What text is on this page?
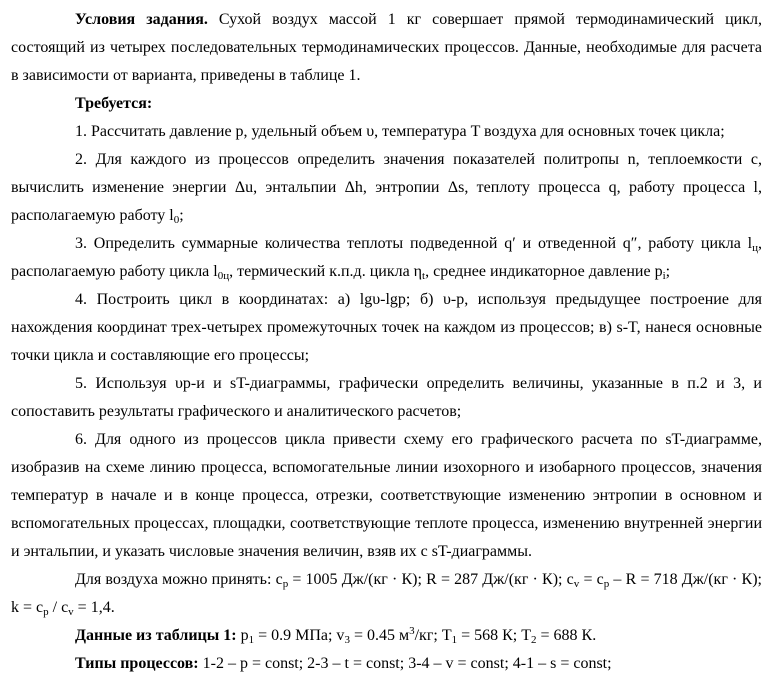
Условия задания. Сухой воздух массой 1 кг совершает прямой термодинамический цикл, состоящий из четырех последовательных термодинамических процессов. Данные, необходимые для расчета в зависимости от варианта, приведены в таблице 1.

Требуется:

1. Рассчитать давление p, удельный объем υ, температура T воздуха для основных точек цикла;

2. Для каждого из процессов определить значения показателей политропы n, теплоемкости c, вычислить изменение энергии Δu, энтальпии Δh, энтропии Δs, теплоту процесса q, работу процесса l, располагаемую работу $l_0$;

3. Определить суммарные количества теплоты подведенной q′ и отведенной q″, работу цикла $l_ц$, располагаемую работу цикла $l_{0ц}$, термический к.п.д. цикла $\eta_t$, среднее индикаторное давление $p_i$;

4. Построить цикл в координатах: а) lgυ-lgp; б) υ-p, используя предыдущее построение для нахождения координат трех-четырех промежуточных точек на каждом из процессов; в) s-T, нанеся основные точки цикла и составляющие его процессы;

5. Используя υp-и и sT-диаграммы, графически определить величины, указанные в п.2 и 3, и сопоставить результаты графического и аналитического расчетов;

6. Для одного из процессов цикла привести схему его графического расчета по sT-диаграмме, изобразив на схеме линию процесса, вспомогательные линии изохорного и изобарного процессов, значения температур в начале и в конце процесса, отрезки, соответствующие изменению энтропии в основном и вспомогательных процессах, площадки, соответствующие теплоте процесса, изменению внутренней энергии и энтальпии, и указать числовые значения величин, взяв их с sT-диаграммы.

Для воздуха можно принять: $c_p = 1005$ Дж/(кг · К); R = 287 Дж/(кг · К); $c_v = c_p - R = 718$ Дж/(кг · К); $k = c_p / c_v = 1,4$.

Данные из таблицы 1: $p_1 = 0.9$ МПа; $v_3 = 0.45$ $м^3/кг$; $T_1 = 568$ К; $T_2 = 688$ К.

Типы процессов: 1-2 – p = const; 2-3 – t = const; 3-4 – v = const; 4-1 – s = const;
